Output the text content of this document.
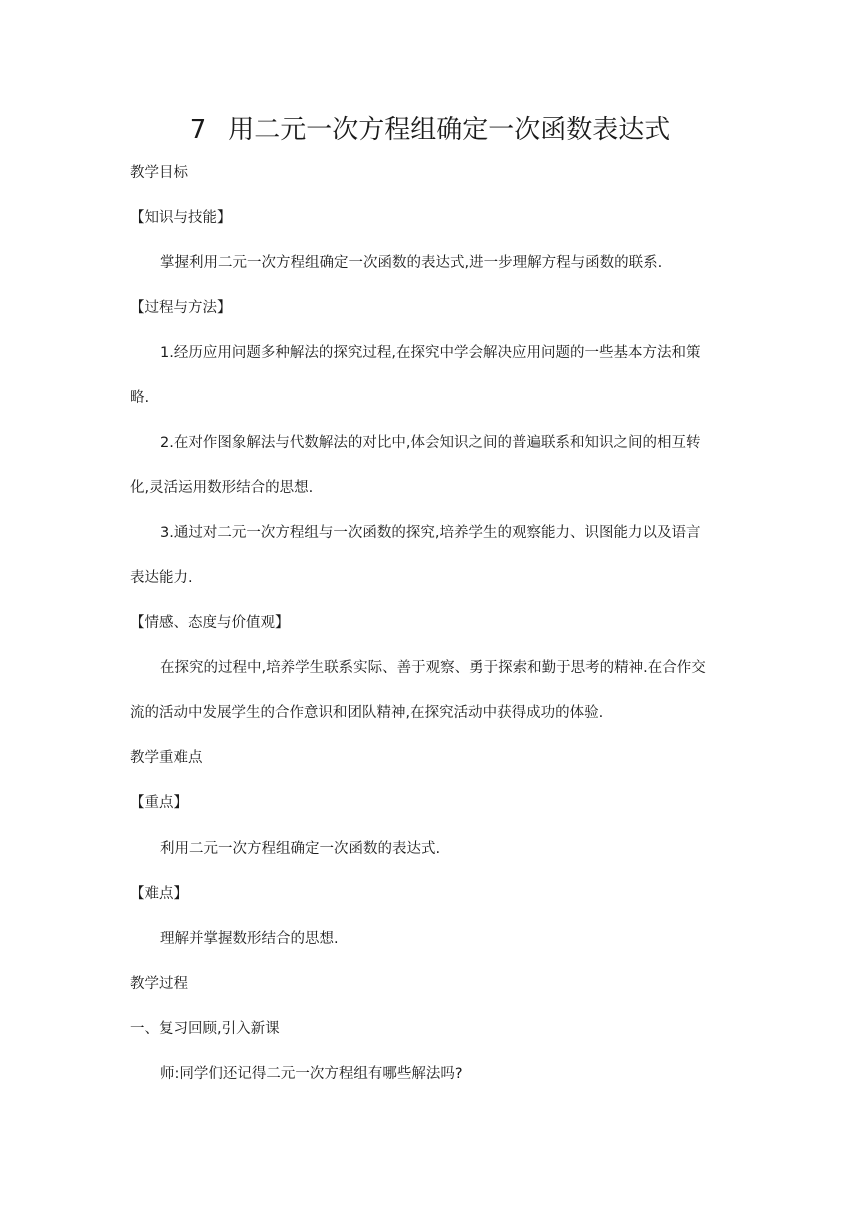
7 用二元一次方程组确定一次函数表达式
教学目标
【知识与技能】
掌握利用二元一次方程组确定一次函数的表达式,进一步理解方程与函数的联系.
【过程与方法】
1.经历应用问题多种解法的探究过程,在探究中学会解决应用问题的一些基本方法和策
略.
2.在对作图象解法与代数解法的对比中,体会知识之间的普遍联系和知识之间的相互转
化,灵活运用数形结合的思想.
3.通过对二元一次方程组与一次函数的探究,培养学生的观察能力、识图能力以及语言
表达能力.
【情感、态度与价值观】
在探究的过程中,培养学生联系实际、善于观察、勇于探索和勤于思考的精神.在合作交
流的活动中发展学生的合作意识和团队精神,在探究活动中获得成功的体验.
教学重难点
【重点】
利用二元一次方程组确定一次函数的表达式.
【难点】
理解并掌握数形结合的思想.
教学过程
一、复习回顾,引入新课
师:同学们还记得二元一次方程组有哪些解法吗?
